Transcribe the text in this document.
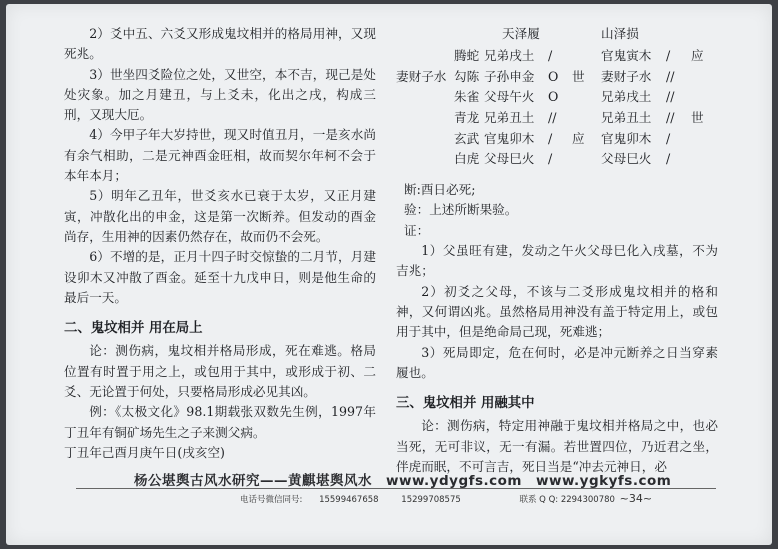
2）爻中五、六爻又形成鬼坟相并的格局用神，又现死兆。

3）世坐四爻险位之处，又世空，本不吉，现己是处处灾象。加之月建丑，与上爻未，化出之戌，构成三刑，又现大厄。

4）今甲子年大岁持世，现又时值丑月，一是亥水尚有余气相助，二是元神酉金旺相，故而契尔年柯不会于本年本月；

5）明年乙丑年，世爻亥水已衰于太岁，又正月建寅，冲散化出的申金，这是第一次断养。但发动的酉金尚存，生用神的因素仍然存在，故而仍不会死。

6）不增的是，正月十四子时交惊蛰的二月节，月建设卯木又冲散了酉金。延至十九戊申日，则是他生命的最后一天。

二、鬼坟相并 用在局上

论：测伤病，鬼坟相并格局形成，死在难逃。格局位置有时置于用之上，或包用于其中，或形成于初、二爻、无论置于何处，只要格局形成必见其凶。

例：《太极文化》98.1期载张双数先生例，1997年丁丑年有铜矿场先生之子来测父病。

丁丑年己酉月庚午日(戌亥空)

天泽履	山泽损
腾蛇 兄弟戌土 /	官鬼寅木 / 应
妻财子水 勾陈 子孙申金 O 世 妻财子水 //
朱雀 父母午火 O	兄弟戌土 //
青龙 兄弟丑土 //	兄弟丑土 // 世
玄武 官鬼卯木 / 应 官鬼卯木 /
白虎 父母巳火 /	父母巳火 /

断:酉日必死;

验：上述所断果验。

证：

1）父虽旺有建，发动之午火父母巳化入戌墓，不为吉兆；

2）初爻之父母，不该与二爻形成鬼坟相并的格和神，又何谓凶兆。虽然格局用神没有盖于特定用上，或包用于其中，但是绝命局己现，死难逃；

3）死局即定，危在何时，必是冲元断养之日当穿素履也。

三、鬼坟相并 用融其中

论：测伤病，特定用神融于鬼坟相并格局之中，也必当死，无可非议，无一有漏。若世置四位，乃近君之坐，伴虎而眠，不可言吉，死日当是“冲去元神日，必

杨公堪舆古风水研究——黄麒堪舆风水 www.ydygfs.com www.ygkyfs.com
电话号微信同号: 15599467658	15299708575	联系 Q Q: 2294300780 ~34~
